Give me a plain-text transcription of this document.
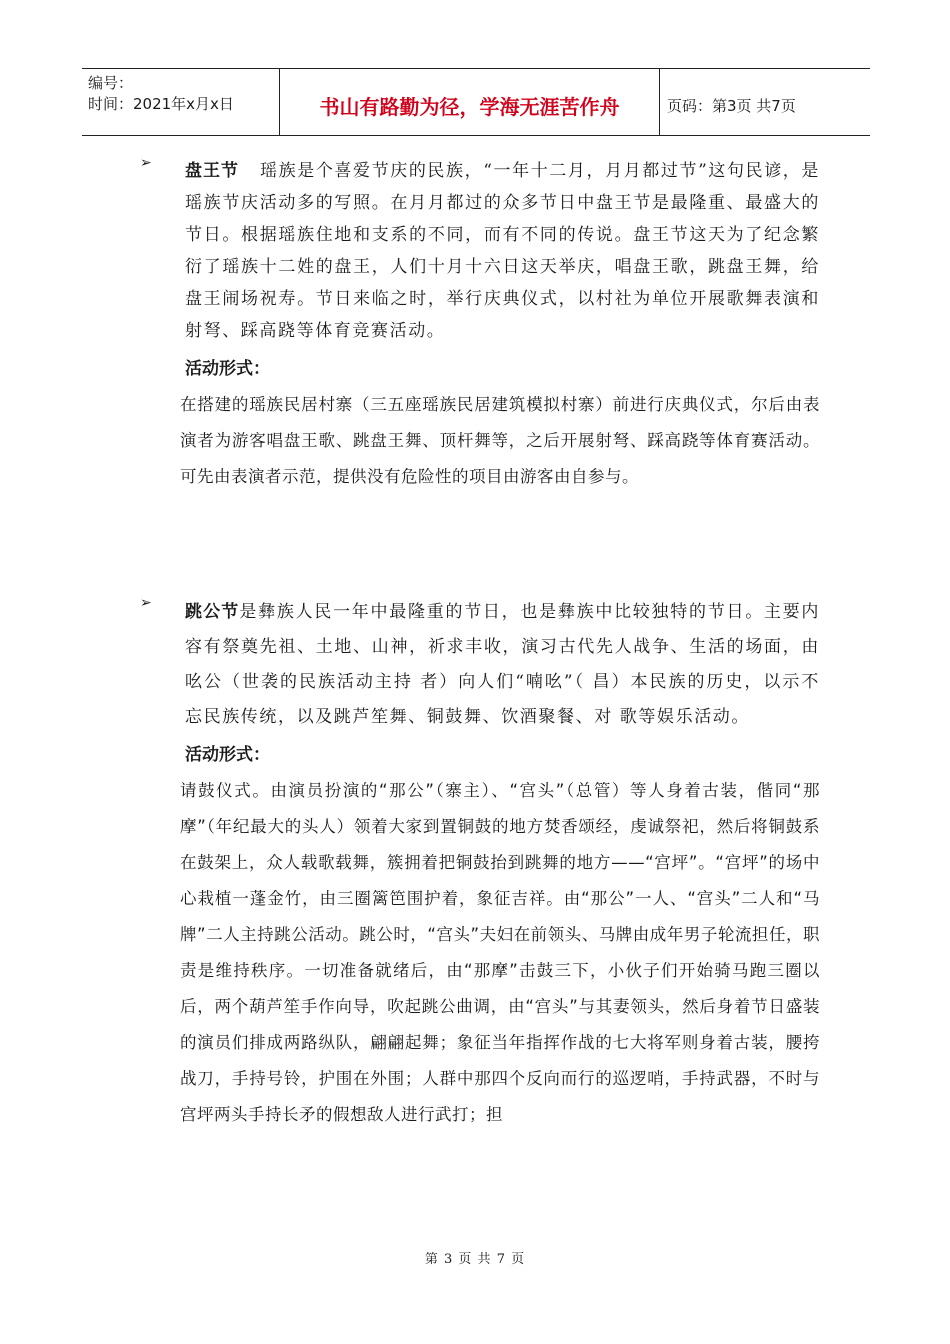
编号：
时间：2021年x月x日	书山有路勤为径，学海无涯苦作舟	页码：第3页 共7页
➢	盘王节 瑶族是个喜爱节庆的民族，“一年十二月，月月都过节”这句民谚，是瑶族节庆活动多的写照。在月月都过的众多节日中盘王节是最隆重、最盛大的节日。根据瑶族住地和支系的不同，而有不同的传说。盘王节这天为了纪念繁衍了瑶族十二姓的盘王，人们十月十六日这天举庆，唱盘王歌，跳盘王舞，给盘王闹场祝寿。节日来临之时，举行庆典仪式，以村社为单位开展歌舞表演和射弩、踩高跷等体育竞赛活动。

活动形式：

在搭建的瑶族民居村寨（三五座瑶族民居建筑模拟村寨）前进行庆典仪式，尔后由表演者为游客唱盘王歌、跳盘王舞、顶杆舞等，之后开展射弩、踩高跷等体育赛活动。可先由表演者示范，提供没有危险性的项目由游客由自参与。

➢	跳公节是彝族人民一年中最隆重的节日，也是彝族中比较独特的节日。主要内容有祭奠先祖、土地、山神，祈求丰收，演习古代先人战争、生活的场面，由吆公（世袭的民族活动主持 者）向人们“喃吆”（ 昌）本民族的历史，以示不忘民族传统，以及跳芦笙舞、铜鼓舞、饮酒聚餐、对 歌等娱乐活动。

活动形式：

请鼓仪式。由演员扮演的“那公”（寨主）、“宫头”（总管）等人身着古装，偕同“那摩”（年纪最大的头人）领着大家到置铜鼓的地方焚香颂经，虔诚祭祀，然后将铜鼓系在鼓架上，众人载歌载舞，簇拥着把铜鼓抬到跳舞的地方——“宫坪”。“宫坪”的场中心栽植一蓬金竹，由三圈篱笆围护着，象征吉祥。由“那公”一人、“宫头”二人和“马牌”二人主持跳公活动。跳公时，“宫头”夫妇在前领头、马牌由成年男子轮流担任，职责是维持秩序。一切准备就绪后，由“那摩”击鼓三下，小伙子们开始骑马跑三圈以后，两个葫芦笙手作向导，吹起跳公曲调，由“宫头”与其妻领头，然后身着节日盛装的演员们排成两路纵队，翩翩起舞；象征当年指挥作战的七大将军则身着古装，腰挎战刀，手持号铃，护围在外围；人群中那四个反向而行的巡逻哨，手持武器，不时与宫坪两头手持长矛的假想敌人进行武打；担

第 3 页 共 7 页
